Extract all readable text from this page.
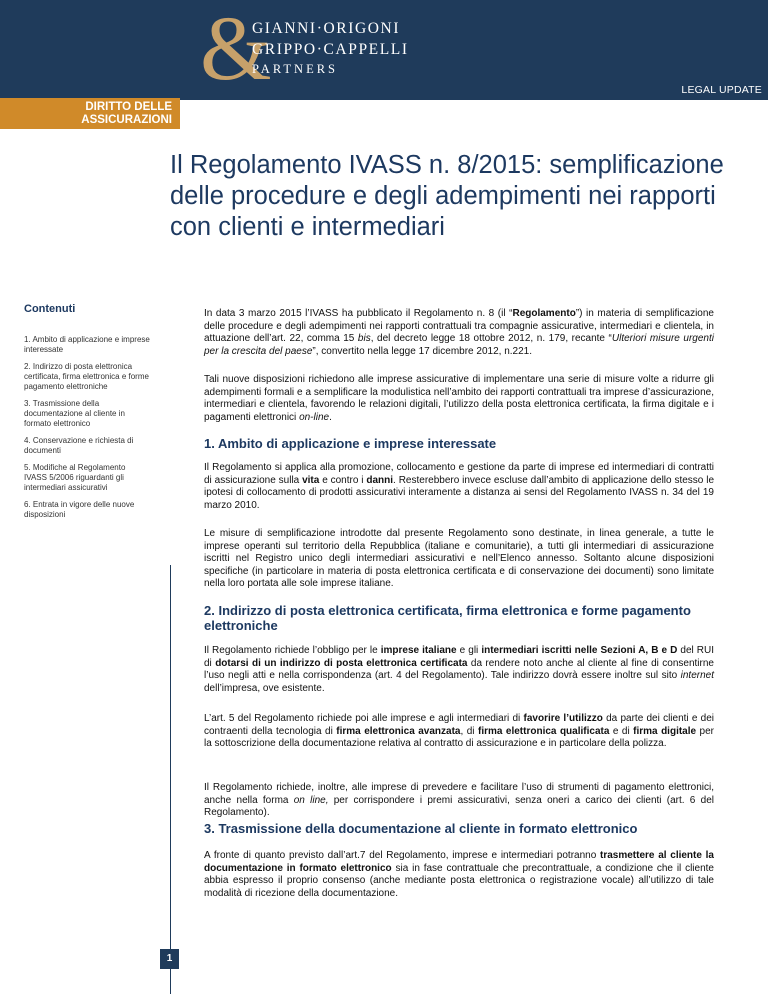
&
GIANNI·ORIGONI
GRIPPO·CAPPELLI
PARTNERS
LEGAL UPDATE
DIRITTO DELLE
ASSICURAZIONI
Il Regolamento IVASS n. 8/2015: semplificazione delle procedure e degli adempimenti nei rapporti con clienti e intermediari
Contenuti
1. Ambito di applicazione e imprese interessate
2. Indirizzo di posta elettronica certificata, firma elettronica e forme pagamento elettroniche
3. Trasmissione della documentazione al cliente in formato elettronico
4. Conservazione e richiesta di documenti
5. Modifiche al Regolamento IVASS 5/2006 riguardanti gli intermediari assicurativi
6. Entrata in vigore delle nuove disposizioni
1

In data 3 marzo 2015 l’IVASS ha pubblicato il Regolamento n. 8 (il “Regolamento”) in materia di semplificazione delle procedure e degli adempimenti nei rapporti contrattuali tra compagnie assicurative, intermediari e clientela, in attuazione dell’art. 22, comma 15 bis, del decreto legge 18 ottobre 2012, n. 179, recante “Ulteriori misure urgenti per la crescita del paese”, convertito nella legge 17 dicembre 2012, n.221.

Tali nuove disposizioni richiedono alle imprese assicurative di implementare una serie di misure volte a ridurre gli adempimenti formali e a semplificare la modulistica nell’ambito dei rapporti contrattuali tra imprese d’assicurazione, intermediari e clientela, favorendo le relazioni digitali, l’utilizzo della posta elettronica certificata, la firma digitale e i pagamenti elettronici on-line.

1. Ambito di applicazione e imprese interessate

Il Regolamento si applica alla promozione, collocamento e gestione da parte di imprese ed intermediari di contratti di assicurazione sulla vita e contro i danni. Resterebbero invece escluse dall’ambito di applicazione dello stesso le ipotesi di collocamento di prodotti assicurativi interamente a distanza ai sensi del Regolamento IVASS n. 34 del 19 marzo 2010.

Le misure di semplificazione introdotte dal presente Regolamento sono destinate, in linea generale, a tutte le imprese operanti sul territorio della Repubblica (italiane e comunitarie), a tutti gli intermediari di assicurazione iscritti nel Registro unico degli intermediari assicurativi e nell’Elenco annesso. Soltanto alcune disposizioni specifiche (in particolare in materia di posta elettronica certificata e di conservazione dei documenti) sono limitate nella loro portata alle sole imprese italiane.

2. Indirizzo di posta elettronica certificata, firma elettronica e forme pagamento elettroniche

Il Regolamento richiede l’obbligo per le imprese italiane e gli intermediari iscritti nelle Sezioni A, B e D del RUI di dotarsi di un indirizzo di posta elettronica certificata da rendere noto anche al cliente al fine di consentirne l’uso negli atti e nella corrispondenza (art. 4 del Regolamento). Tale indirizzo dovrà essere inoltre sul sito internet dell’impresa, ove esistente.

L’art. 5 del Regolamento richiede poi alle imprese e agli intermediari di favorire l’utilizzo da parte dei clienti e dei contraenti della tecnologia di firma elettronica avanzata, di firma elettronica qualificata e di firma digitale per la sottoscrizione della documentazione relativa al contratto di assicurazione e in particolare della polizza.

Il Regolamento richiede, inoltre, alle imprese di prevedere e facilitare l’uso di strumenti di pagamento elettronici, anche nella forma on line, per corrispondere i premi assicurativi, senza oneri a carico dei clienti (art. 6 del Regolamento).

3. Trasmissione della documentazione al cliente in formato elettronico

A fronte di quanto previsto dall’art.7 del Regolamento, imprese e intermediari potranno trasmettere al cliente la documentazione in formato elettronico sia in fase contrattuale che precontrattuale, a condizione che il cliente abbia espresso il proprio consenso (anche mediante posta elettronica o registrazione vocale) all’utilizzo di tale modalità di ricezione della documentazione.
